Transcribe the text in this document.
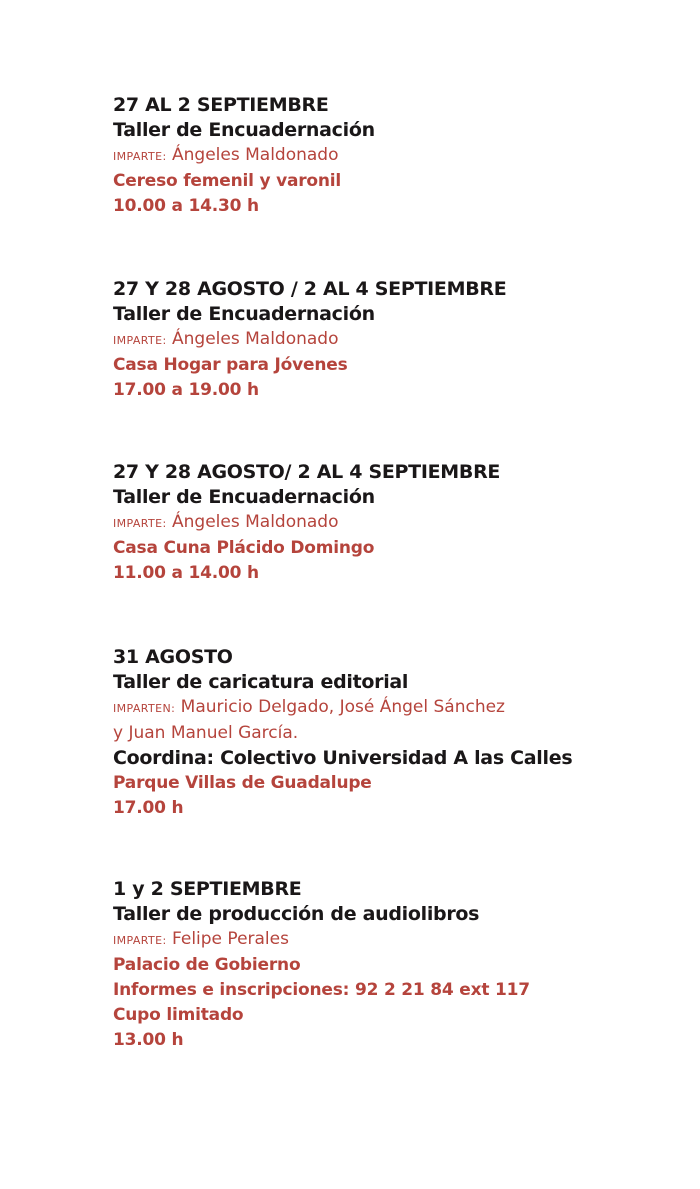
27 AL 2 SEPTIEMBRE
Taller de Encuadernación
IMPARTE: Ángeles Maldonado
Cereso femenil y varonil
10.00 a 14.30 h
27 Y 28 AGOSTO / 2 AL 4 SEPTIEMBRE
Taller de Encuadernación
IMPARTE: Ángeles Maldonado
Casa Hogar para Jóvenes
17.00 a 19.00 h
27 Y 28 AGOSTO/ 2 AL 4 SEPTIEMBRE
Taller de Encuadernación
IMPARTE: Ángeles Maldonado
Casa Cuna Plácido Domingo
11.00 a 14.00 h
31 AGOSTO
Taller de caricatura editorial
IMPARTEN: Mauricio Delgado, José Ángel Sánchez
y Juan Manuel García.
Coordina: Colectivo Universidad A las Calles
Parque Villas de Guadalupe
17.00 h
1 y 2 SEPTIEMBRE
Taller de producción de audiolibros
IMPARTE: Felipe Perales
Palacio de Gobierno
Informes e inscripciones: 92 2 21 84 ext 117
Cupo limitado
13.00 h
